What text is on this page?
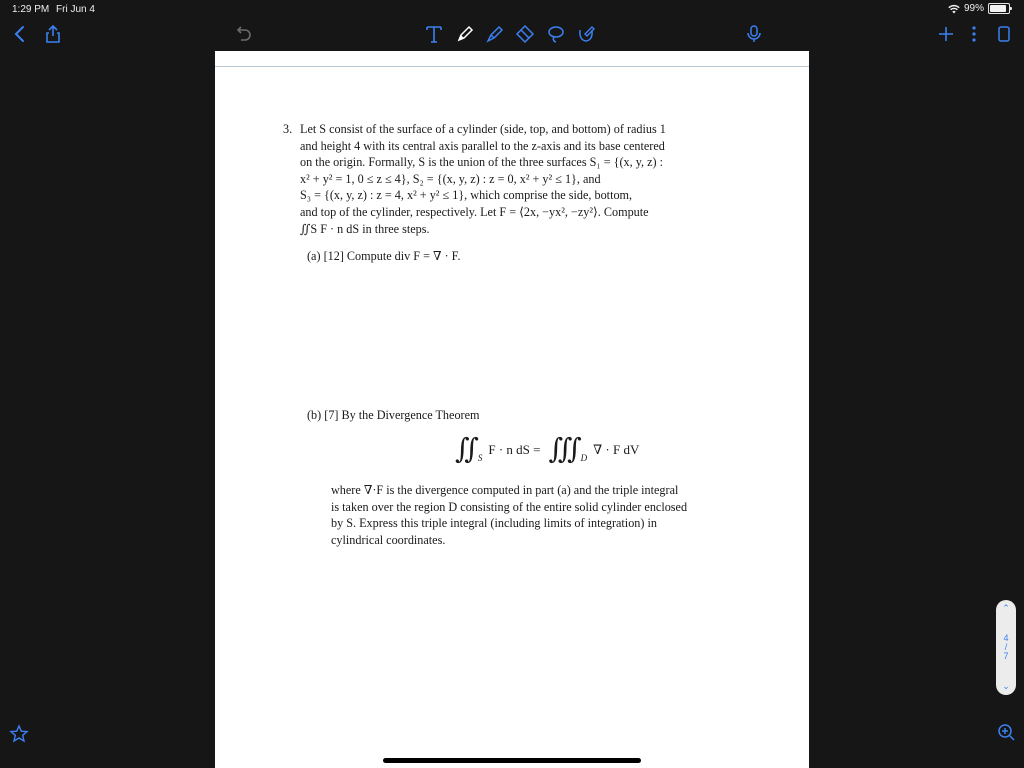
1:29 PM Fri Jun 4	99%
3. Let S consist of the surface of a cylinder (side, top, and bottom) of radius 1
and height 4 with its central axis parallel to the z-axis and its base centered
on the origin. Formally, S is the union of the three surfaces S₁ = {(x, y, z) :
x² + y² = 1, 0 ≤ z ≤ 4}, S₂ = {(x, y, z) : z = 0, x² + y² ≤ 1}, and
S₃ = {(x, y, z) : z = 4, x² + y² ≤ 1}, which comprise the side, bottom,
and top of the cylinder, respectively. Let F = ⟨2x, −yx², −zy²⟩. Compute
∬S F · n dS in three steps.
(a) [12] Compute div F = ∇ · F.
(b) [7] By the Divergence Theorem
∬ S
F · n dS = ∭ D
∇ · F dV
where ∇·F is the divergence computed in part (a) and the triple integral
is taken over the region D consisting of the entire solid cylinder enclosed
by S. Express this triple integral (including limits of integration) in
cylindrical coordinates.
⌃
4
/
7
⌄
